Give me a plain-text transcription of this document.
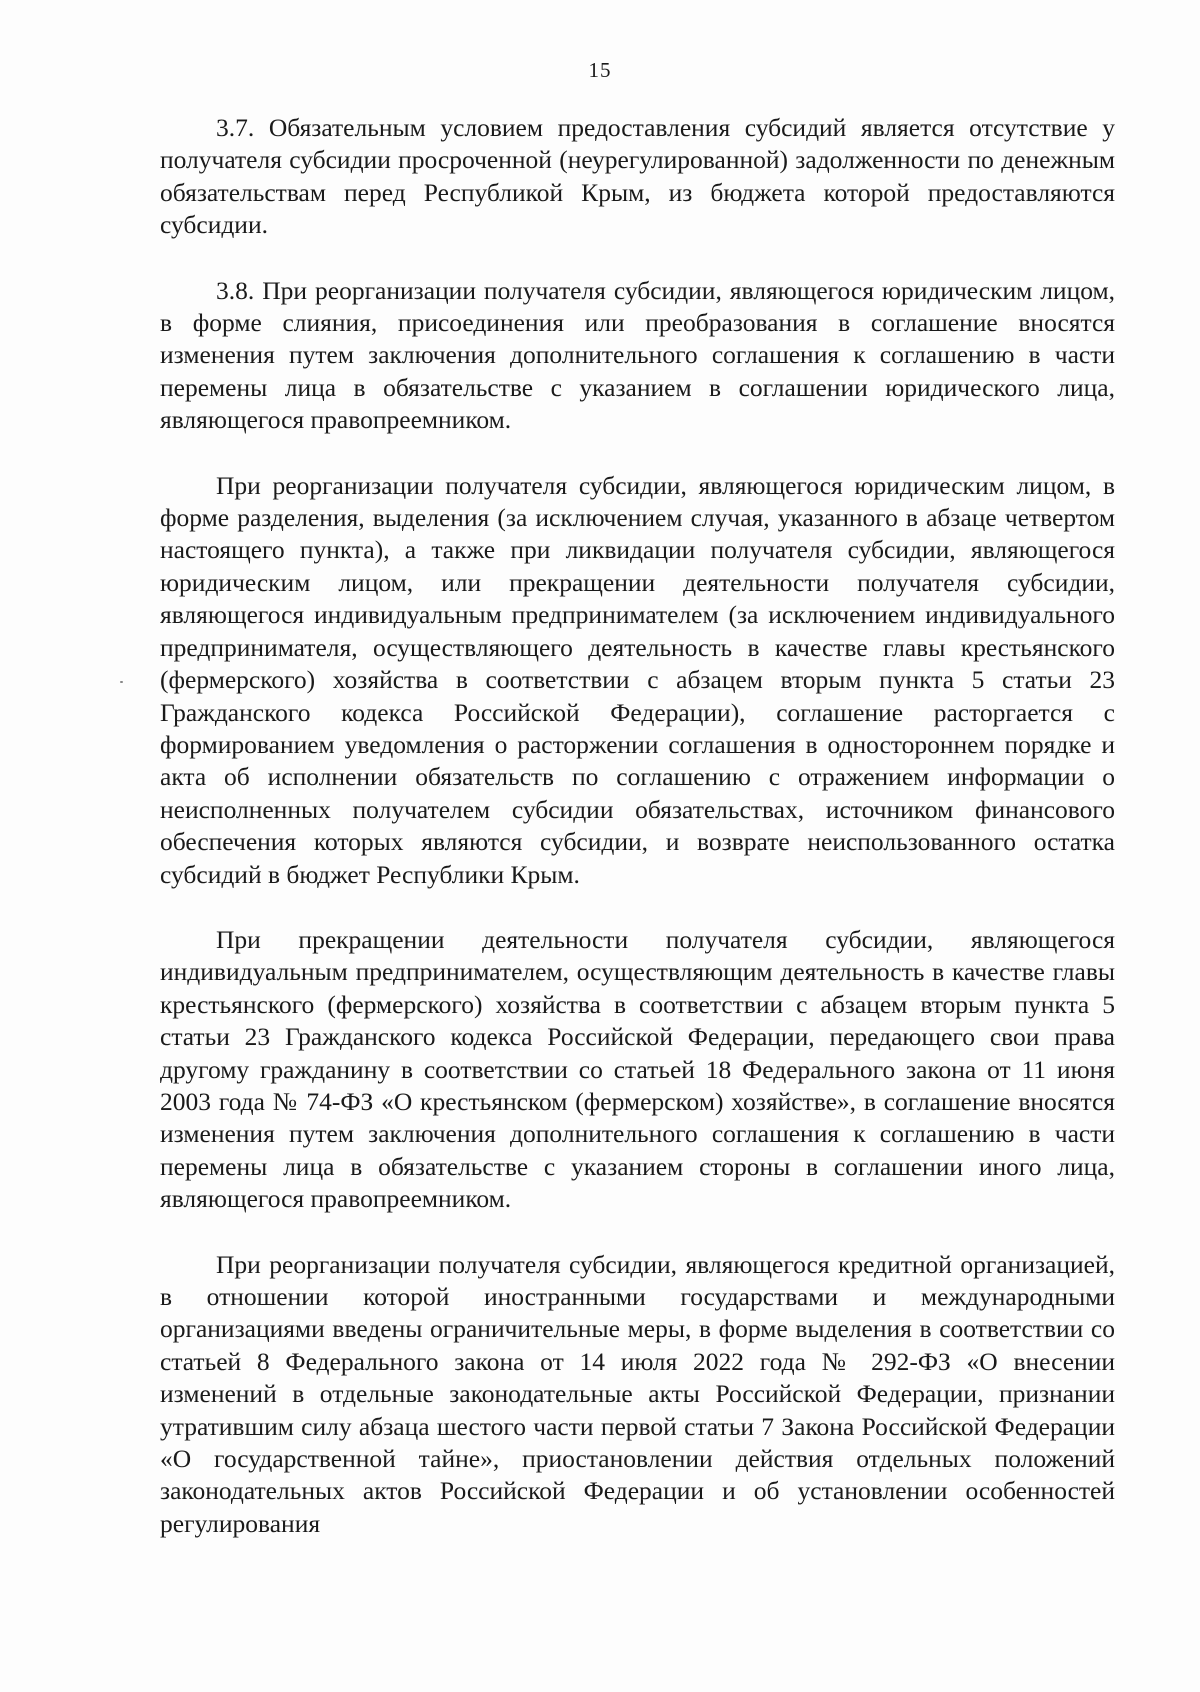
15

3.7. Обязательным условием предоставления субсидий является отсутствие у получателя субсидии просроченной (неурегулированной) задолженности по денежным обязательствам перед Республикой Крым, из бюджета которой предоставляются субсидии.

3.8. При реорганизации получателя субсидии, являющегося юридическим лицом, в форме слияния, присоединения или преобразования в соглашение вносятся изменения путем заключения дополнительного соглашения к соглашению в части перемены лица в обязательстве с указанием в соглашении юридического лица, являющегося правопреемником.

При реорганизации получателя субсидии, являющегося юридическим лицом, в форме разделения, выделения (за исключением случая, указанного в абзаце четвертом настоящего пункта), а также при ликвидации получателя субсидии, являющегося юридическим лицом, или прекращении деятельности получателя субсидии, являющегося индивидуальным предпринимателем (за исключением индивидуального предпринимателя, осуществляющего деятельность в качестве главы крестьянского (фермерского) хозяйства в соответствии с абзацем вторым пункта 5 статьи 23 Гражданского кодекса Российской Федерации), соглашение расторгается с формированием уведомления о расторжении соглашения в одностороннем порядке и акта об исполнении обязательств по соглашению с отражением информации о неисполненных получателем субсидии обязательствах, источником финансового обеспечения которых являются субсидии, и возврате неиспользованного остатка субсидий в бюджет Республики Крым.

При прекращении деятельности получателя субсидии, являющегося индивидуальным предпринимателем, осуществляющим деятельность в качестве главы крестьянского (фермерского) хозяйства в соответствии с абзацем вторым пункта 5 статьи 23 Гражданского кодекса Российской Федерации, передающего свои права другому гражданину в соответствии со статьей 18 Федерального закона от 11 июня 2003 года № 74-ФЗ «О крестьянском (фермерском) хозяйстве», в соглашение вносятся изменения путем заключения дополнительного соглашения к соглашению в части перемены лица в обязательстве с указанием стороны в соглашении иного лица, являющегося правопреемником.

При реорганизации получателя субсидии, являющегося кредитной организацией, в отношении которой иностранными государствами и международными организациями введены ограничительные меры, в форме выделения в соответствии со статьей 8 Федерального закона от 14 июля 2022 года № 292-ФЗ «О внесении изменений в отдельные законодательные акты Российской Федерации, признании утратившим силу абзаца шестого части первой статьи 7 Закона Российской Федерации «О государственной тайне», приостановлении действия отдельных положений законодательных актов Российской Федерации и об установлении особенностей регулирования
